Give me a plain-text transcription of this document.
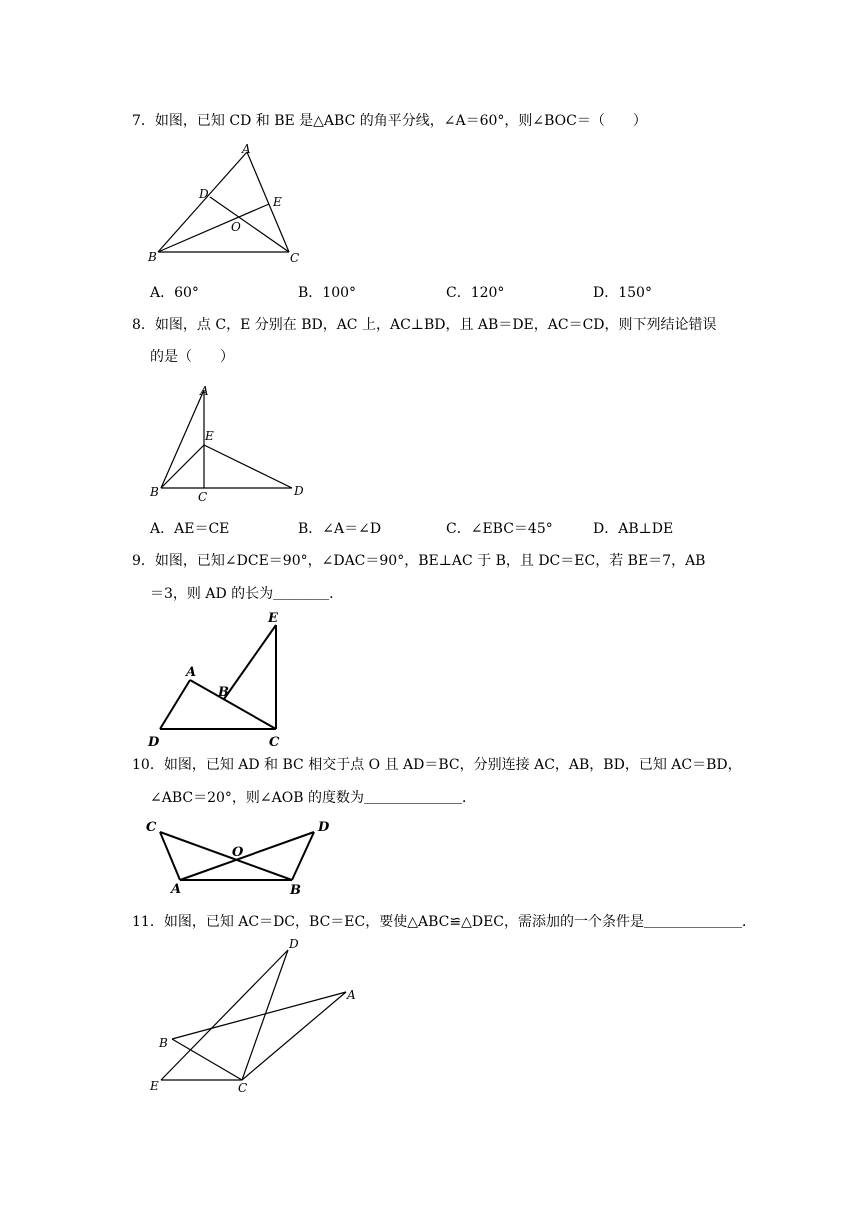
7．如图，已知 CD 和 BE 是△ABC 的角平分线，∠A＝60°，则∠BOC＝（　　）
A
D
E
O
B	C
A．60°	B．100°	C．120°	D．150°
8．如图，点 C，E 分别在 BD，AC 上，AC⊥BD，且 AB＝DE，AC＝CD，则下列结论错误
的是（　　）
A
E
B	C	D
A．AE＝CE	B．∠A＝∠D	C．∠EBC＝45°	D．AB⊥DE
9．如图，已知∠DCE＝90°，∠DAC＝90°，BE⊥AC 于 B，且 DC＝EC，若 BE＝7，AB
＝3，则 AD 的长为＿＿＿＿．
E
A
B
D	C
10．如图，已知 AD 和 BC 相交于点 O 且 AD＝BC，分别连接 AC，AB，BD，已知 AC＝BD，
∠ABC＝20°，则∠AOB 的度数为＿＿＿＿＿＿＿．
C	D
O
A	B
11．如图，已知 AC＝DC，BC＝EC，要使△ABC≌△DEC，需添加的一个条件是＿＿＿＿＿＿＿．
D
A
B
E	C
